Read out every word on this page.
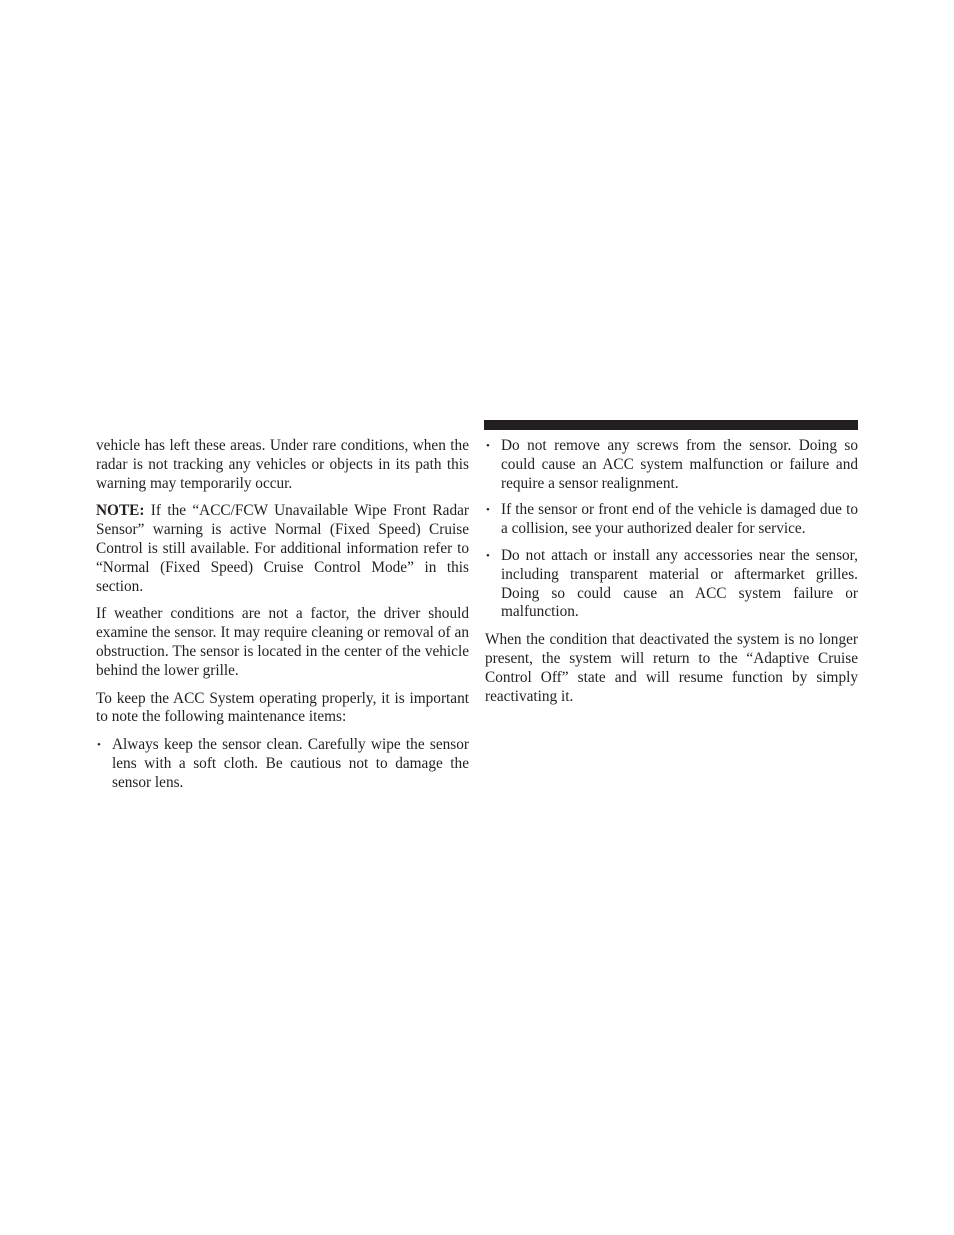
vehicle has left these areas. Under rare conditions, when the radar is not tracking any vehicles or objects in its path this warning may temporarily occur.

NOTE: If the “ACC/FCW Unavailable Wipe Front Radar Sensor” warning is active Normal (Fixed Speed) Cruise Control is still available. For additional information refer to “Normal (Fixed Speed) Cruise Control Mode” in this section.

If weather conditions are not a factor, the driver should examine the sensor. It may require cleaning or removal of an obstruction. The sensor is located in the center of the vehicle behind the lower grille.

To keep the ACC System operating properly, it is important to note the following maintenance items:

• Always keep the sensor clean. Carefully wipe the sensor lens with a soft cloth. Be cautious not to damage the sensor lens.
• Do not remove any screws from the sensor. Doing so could cause an ACC system malfunction or failure and require a sensor realignment.
• If the sensor or front end of the vehicle is damaged due to a collision, see your authorized dealer for service.
• Do not attach or install any accessories near the sensor, including transparent material or aftermarket grilles. Doing so could cause an ACC system failure or malfunction.

When the condition that deactivated the system is no longer present, the system will return to the “Adaptive Cruise Control Off” state and will resume function by simply reactivating it.
